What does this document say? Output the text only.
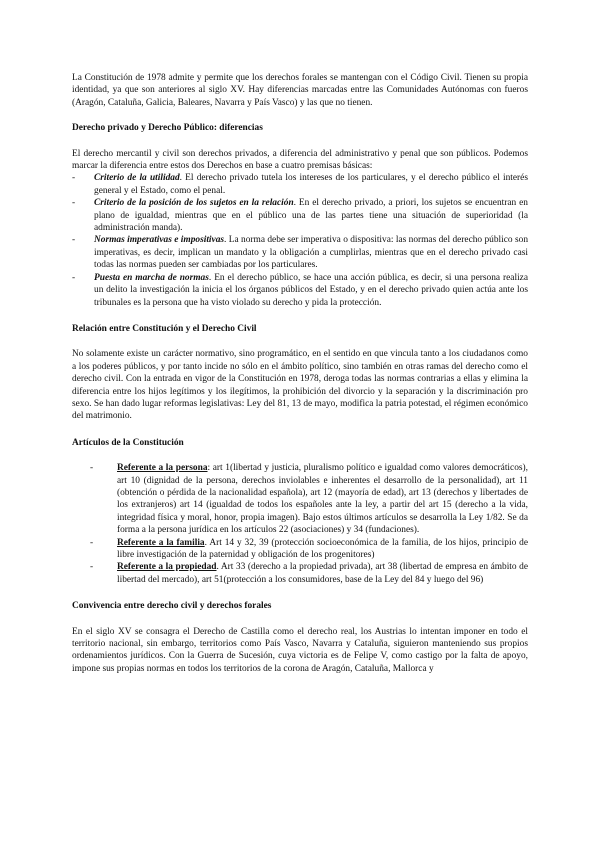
La Constitución de 1978 admite y permite que los derechos forales se mantengan con el Código Civil. Tienen su propia identidad, ya que son anteriores al siglo XV. Hay diferencias marcadas entre las Comunidades Autónomas con fueros (Aragón, Cataluña, Galicia, Baleares, Navarra y País Vasco) y las que no tienen.

Derecho privado y Derecho Público: diferencias

El derecho mercantil y civil son derechos privados, a diferencia del administrativo y penal que son públicos. Podemos marcar la diferencia entre estos dos Derechos en base a cuatro premisas básicas:

- Criterio de la utilidad. El derecho privado tutela los intereses de los particulares, y el derecho público el interés general y el Estado, como el penal.
- Criterio de la posición de los sujetos en la relación. En el derecho privado, a priori, los sujetos se encuentran en plano de igualdad, mientras que en el público una de las partes tiene una situación de superioridad (la administración manda).
- Normas imperativas e impositivas. La norma debe ser imperativa o dispositiva: las normas del derecho público son imperativas, es decir, implican un mandato y la obligación a cumplirlas, mientras que en el derecho privado casi todas las normas pueden ser cambiadas por los particulares.
- Puesta en marcha de normas. En el derecho público, se hace una acción pública, es decir, si una persona realiza un delito la investigación la inicia el los órganos públicos del Estado, y en el derecho privado quien actúa ante los tribunales es la persona que ha visto violado su derecho y pida la protección.
Relación entre Constitución y el Derecho Civil

No solamente existe un carácter normativo, sino programático, en el sentido en que vincula tanto a los ciudadanos como a los poderes públicos, y por tanto incide no sólo en el ámbito político, sino también en otras ramas del derecho como el derecho civil. Con la entrada en vigor de la Constitución en 1978, deroga todas las normas contrarias a ellas y elimina la diferencia entre los hijos legítimos y los ilegítimos, la prohibición del divorcio y la separación y la discriminación pro sexo. Se han dado lugar reformas legislativas: Ley del 81, 13 de mayo, modifica la patria potestad, el régimen económico del matrimonio.

Artículos de la Constitución
- Referente a la persona: art 1(libertad y justicia, pluralismo político e igualdad como valores democráticos), art 10 (dignidad de la persona, derechos inviolables e inherentes el desarrollo de la personalidad), art 11 (obtención o pérdida de la nacionalidad española), art 12 (mayoría de edad), art 13 (derechos y libertades de los extranjeros) art 14 (igualdad de todos los españoles ante la ley, a partir del art 15 (derecho a la vida, integridad física y moral, honor, propia imagen). Bajo estos últimos artículos se desarrolla la Ley 1/82. Se da forma a la persona jurídica en los artículos 22 (asociaciones) y 34 (fundaciones).
- Referente a la familia. Art 14 y 32, 39 (protección socioeconómica de la familia, de los hijos, principio de libre investigación de la paternidad y obligación de los progenitores)
- Referente a la propiedad. Art 33 (derecho a la propiedad privada), art 38 (libertad de empresa en ámbito de libertad del mercado), art 51(protección a los consumidores, base de la Ley del 84 y luego del 96)
Convivencia entre derecho civil y derechos forales

En el siglo XV se consagra el Derecho de Castilla como el derecho real, los Austrias lo intentan imponer en todo el territorio nacional, sin embargo, territorios como País Vasco, Navarra y Cataluña, siguieron manteniendo sus propios ordenamientos jurídicos. Con la Guerra de Sucesión, cuya victoria es de Felipe V, como castigo por la falta de apoyo, impone sus propias normas en todos los territorios de la corona de Aragón, Cataluña, Mallorca y
